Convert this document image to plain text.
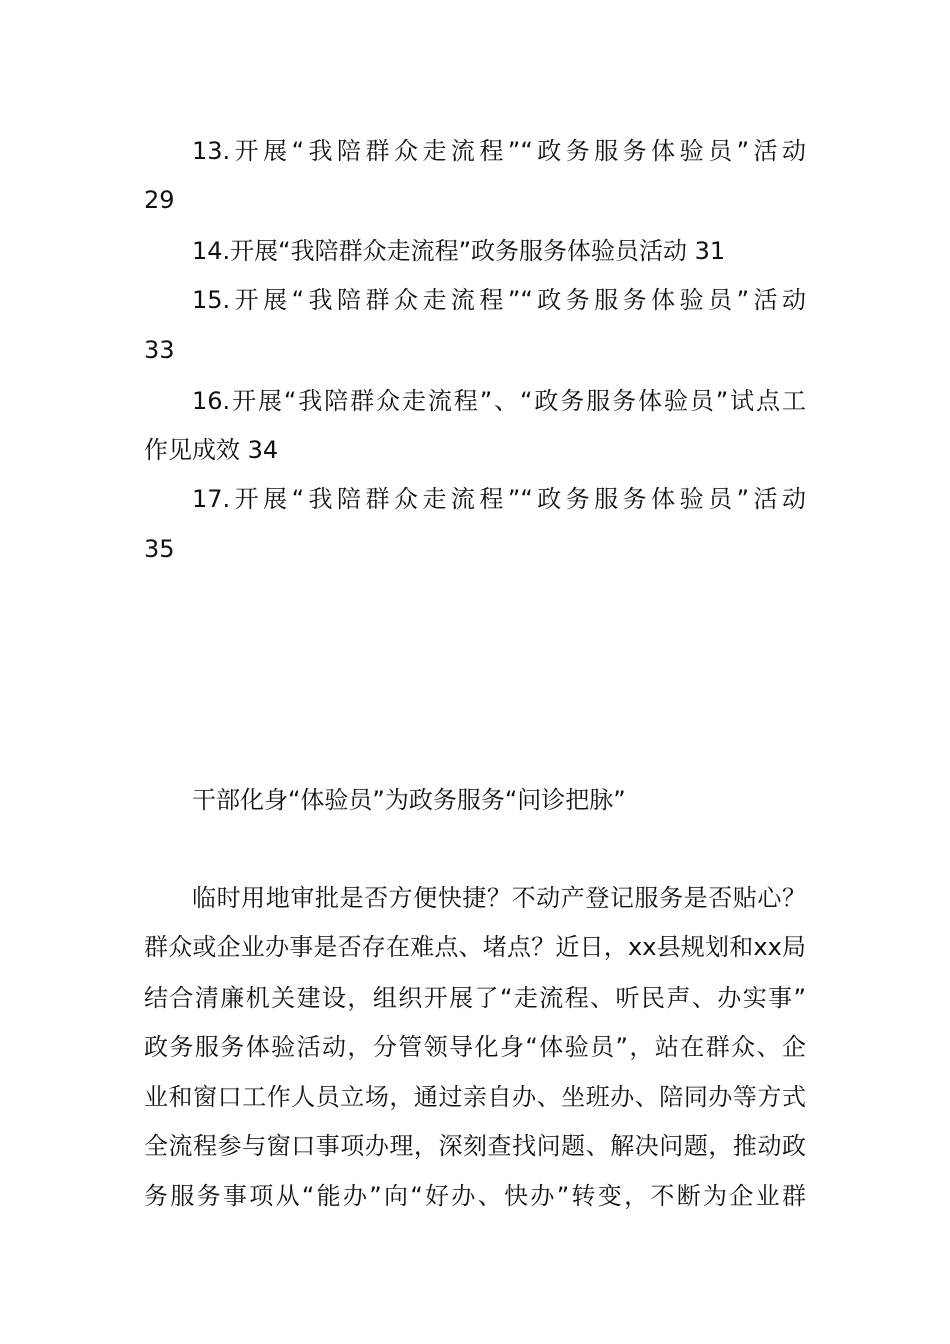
13.开展“我陪群众走流程”“政务服务体验员”活动
29
14.开展“我陪群众走流程”政务服务体验员活动 31
15.开展“我陪群众走流程”“政务服务体验员”活动
33
16.开展“我陪群众走流程”、“政务服务体验员”试点工
作见成效 34
17.开展“我陪群众走流程”“政务服务体验员”活动
35
干部化身“体验员”为政务服务“问诊把脉”
临时用地审批是否方便快捷？不动产登记服务是否贴心？
群众或企业办事是否存在难点、堵点？近日，xx县规划和xx局
结合清廉机关建设，组织开展了“走流程、听民声、办实事”
政务服务体验活动，分管领导化身“体验员”，站在群众、企
业和窗口工作人员立场，通过亲自办、坐班办、陪同办等方式
全流程参与窗口事项办理，深刻查找问题、解决问题，推动政
务服务事项从“能办”向“好办、快办”转变，不断为企业群
